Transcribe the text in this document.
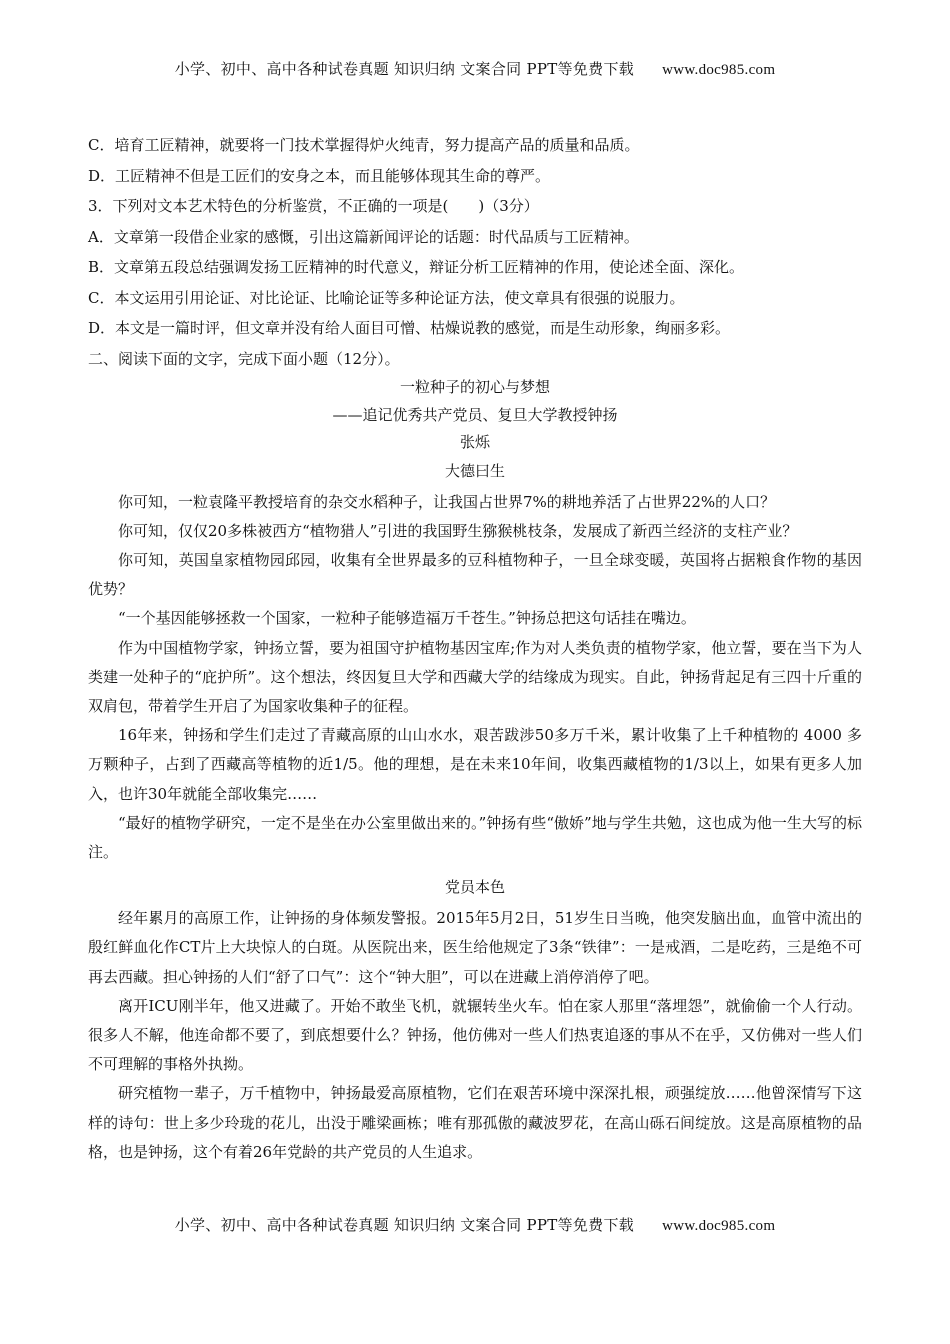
小学、初中、高中各种试卷真题 知识归纳 文案合同 PPT等免费下载 www.doc985.com
C．培育工匠精神，就要将一门技术掌握得炉火纯青，努力提高产品的质量和品质。
D．工匠精神不但是工匠们的安身之本，而且能够体现其生命的尊严。
3．下列对文本艺术特色的分析鉴赏，不正确的一项是(　　)（3分）
A．文章第一段借企业家的感慨，引出这篇新闻评论的话题：时代品质与工匠精神。
B．文章第五段总结强调发扬工匠精神的时代意义，辩证分析工匠精神的作用，使论述全面、深化。
C．本文运用引用论证、对比论证、比喻论证等多种论证方法，使文章具有很强的说服力。
D．本文是一篇时评，但文章并没有给人面目可憎、枯燥说教的感觉，而是生动形象，绚丽多彩。
二、阅读下面的文字，完成下面小题（12分）。
一粒种子的初心与梦想
——追记优秀共产党员、复旦大学教授钟扬
张烁
大德曰生

你可知，一粒袁隆平教授培育的杂交水稻种子，让我国占世界7%的耕地养活了占世界22%的人口？

你可知，仅仅20多株被西方“植物猎人”引进的我国野生猕猴桃枝条，发展成了新西兰经济的支柱产业？

你可知，英国皇家植物园邱园，收集有全世界最多的豆科植物种子，一旦全球变暖，英国将占据粮食作物的基因优势？

“一个基因能够拯救一个国家，一粒种子能够造福万千苍生。”钟扬总把这句话挂在嘴边。

作为中国植物学家，钟扬立誓，要为祖国守护植物基因宝库;作为对人类负责的植物学家，他立誓，要在当下为人类建一处种子的“庇护所”。这个想法，终因复旦大学和西藏大学的结缘成为现实。自此，钟扬背起足有三四十斤重的双肩包，带着学生开启了为国家收集种子的征程。

16年来，钟扬和学生们走过了青藏高原的山山水水，艰苦跋涉50多万千米，累计收集了上千种植物的 4000 多万颗种子，占到了西藏高等植物的近1/5。他的理想，是在未来10年间，收集西藏植物的1/3以上，如果有更多人加入，也许30年就能全部收集完……

“最好的植物学研究，一定不是坐在办公室里做出来的。”钟扬有些“傲娇”地与学生共勉，这也成为他一生大写的标注。

党员本色

经年累月的高原工作，让钟扬的身体频发警报。2015年5月2日，51岁生日当晚，他突发脑出血，血管中流出的殷红鲜血化作CT片上大块惊人的白斑。从医院出来，医生给他规定了3条“铁律”：一是戒酒，二是吃药，三是绝不可再去西藏。担心钟扬的人们“舒了口气”：这个“钟大胆”，可以在进藏上消停消停了吧。

离开ICU刚半年，他又进藏了。开始不敢坐飞机，就辗转坐火车。怕在家人那里“落埋怨”，就偷偷一个人行动。很多人不解，他连命都不要了，到底想要什么？钟扬，他仿佛对一些人们热衷追逐的事从不在乎，又仿佛对一些人们不可理解的事格外执拗。

研究植物一辈子，万千植物中，钟扬最爱高原植物，它们在艰苦环境中深深扎根，顽强绽放……他曾深情写下这样的诗句：世上多少玲珑的花儿，出没于雕梁画栋；唯有那孤傲的藏波罗花，在高山砾石间绽放。这是高原植物的品格，也是钟扬，这个有着26年党龄的共产党员的人生追求。

小学、初中、高中各种试卷真题 知识归纳 文案合同 PPT等免费下载 www.doc985.com
